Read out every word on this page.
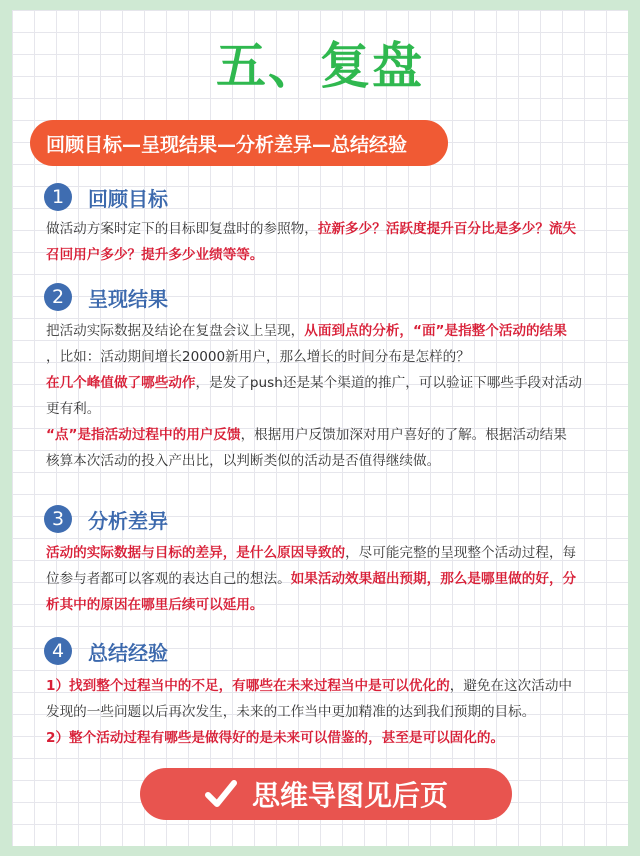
五、复盘
回顾目标—呈现结果—分析差异—总结经验
1	回顾目标
做活动方案时定下的目标即复盘时的参照物，拉新多少？活跃度提升百分比是多少？流失
召回用户多少？提升多少业绩等等。
2	呈现结果
把活动实际数据及结论在复盘会议上呈现，从面到点的分析，“面”是指整个活动的结果
，比如：活动期间增长20000新用户，那么增长的时间分布是怎样的？
在几个峰值做了哪些动作，是发了push还是某个渠道的推广，可以验证下哪些手段对活动
更有利。
“点”是指活动过程中的用户反馈，根据用户反馈加深对用户喜好的了解。根据活动结果
核算本次活动的投入产出比，以判断类似的活动是否值得继续做。
3	分析差异
活动的实际数据与目标的差异，是什么原因导致的，尽可能完整的呈现整个活动过程，每
位参与者都可以客观的表达自己的想法。如果活动效果超出预期，那么是哪里做的好，分
析其中的原因在哪里后续可以延用。
4	总结经验
1）找到整个过程当中的不足，有哪些在未来过程当中是可以优化的，避免在这次活动中
发现的一些问题以后再次发生，未来的工作当中更加精准的达到我们预期的目标。
2）整个活动过程有哪些是做得好的是未来可以借鉴的，甚至是可以固化的。
思维导图见后页
